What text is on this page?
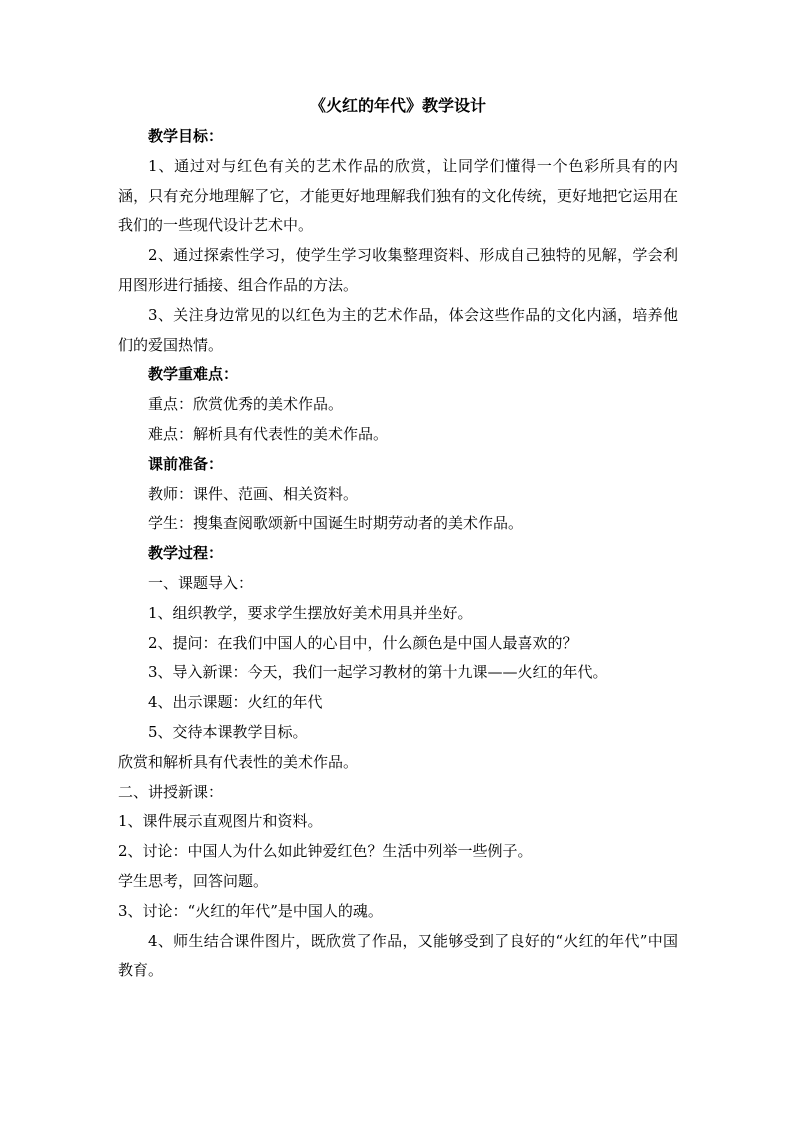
《火红的年代》教学设计

教学目标：

1、通过对与红色有关的艺术作品的欣赏，让同学们懂得一个色彩所具有的内涵，只有充分地理解了它，才能更好地理解我们独有的文化传统，更好地把它运用在我们的一些现代设计艺术中。

2、通过探索性学习，使学生学习收集整理资料、形成自己独特的见解，学会利用图形进行插接、组合作品的方法。

3、关注身边常见的以红色为主的艺术作品，体会这些作品的文化内涵，培养他们的爱国热情。

教学重难点：

重点：欣赏优秀的美术作品。

难点：解析具有代表性的美术作品。

课前准备：

教师：课件、范画、相关资料。

学生：搜集查阅歌颂新中国诞生时期劳动者的美术作品。

教学过程：

一、课题导入：

1、组织教学，要求学生摆放好美术用具并坐好。

2、提问：在我们中国人的心目中，什么颜色是中国人最喜欢的？

3、导入新课：今天，我们一起学习教材的第十九课——火红的年代。

4、出示课题：火红的年代

5、交待本课教学目标。

欣赏和解析具有代表性的美术作品。

二、讲授新课：

1、课件展示直观图片和资料。

2、讨论：中国人为什么如此钟爱红色？生活中列举一些例子。

学生思考，回答问题。

3、讨论：“火红的年代”是中国人的魂。

4、师生结合课件图片，既欣赏了作品，又能够受到了良好的“火红的年代”中国教育。
